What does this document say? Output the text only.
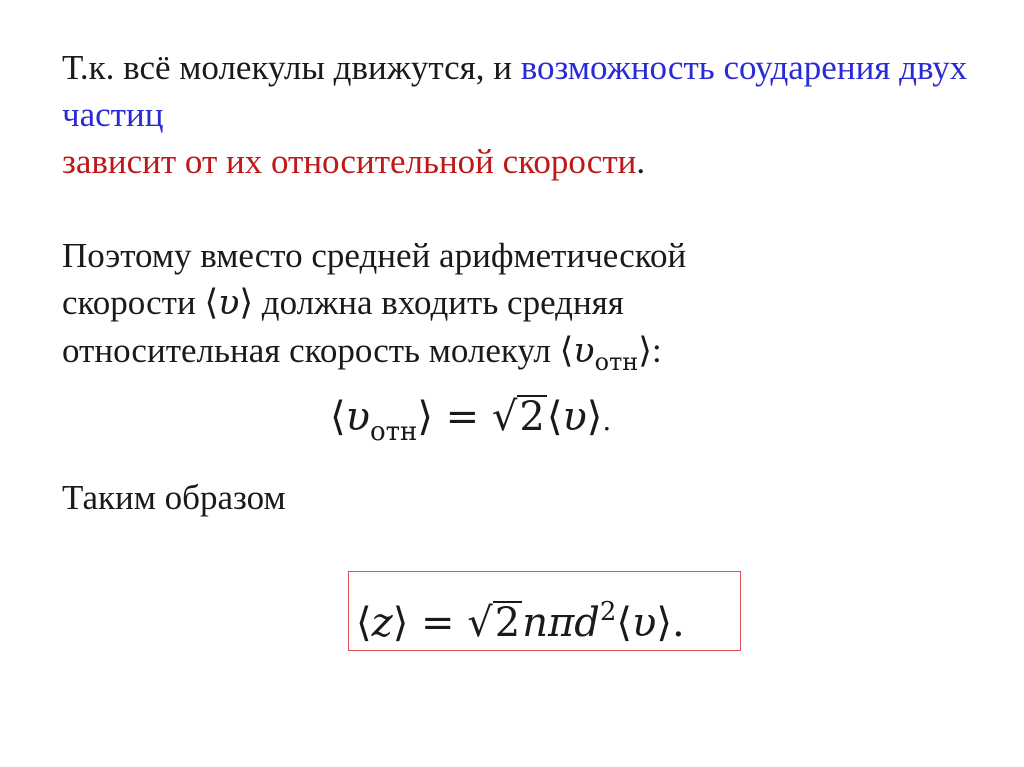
Т.к. всё молекулы движутся, и возможность соударения двух частиц
зависит от их относительной скорости.

Поэтому вместо средней арифметической
скорости ⟨υ⟩ должна входить средняя
относительная скорость молекул $⟨\upsilon_{отн}⟩$:

$⟨\upsilon_{отн}⟩$ = √2⟨υ⟩.

Таким образом

⟨z⟩ = √2nπd$^2$⟨υ⟩.
